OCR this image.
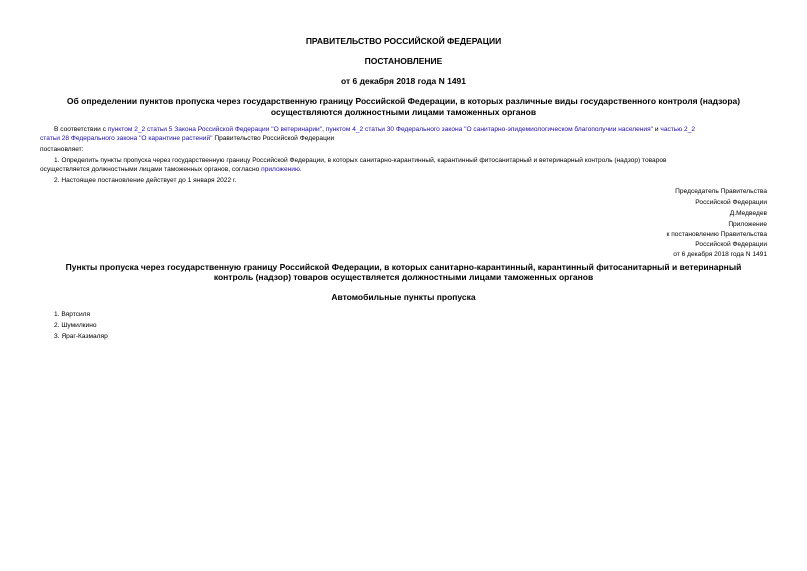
ПРАВИТЕЛЬСТВО РОССИЙСКОЙ ФЕДЕРАЦИИ
ПОСТАНОВЛЕНИЕ
от 6 декабря 2018 года N 1491
Об определении пунктов пропуска через государственную границу Российской Федерации, в которых различные виды государственного контроля (надзора)
осуществляются должностными лицами таможенных органов
В соответствии с пунктом 2_2 статьи 5 Закона Российской Федерации "О ветеринарии", пунктом 4_2 статьи 30 Федерального закона "О санитарно-эпидемиологическом благополучии населения" и частью 2_2
статьи 28 Федерального закона "О карантине растений" Правительство Российской Федерации
постановляет:
1. Определить пункты пропуска через государственную границу Российской Федерации, в которых санитарно-карантинный, карантинный фитосанитарный и ветеринарный контроль (надзор) товаров
осуществляется должностными лицами таможенных органов, согласно приложению.
2. Настоящее постановление действует до 1 января 2022 г.
Председатель Правительства
Российской Федерации
Д.Медведев
Приложение
к постановлению Правительства
Российской Федерации
от 6 декабря 2018 года N 1491
Пункты пропуска через государственную границу Российской Федерации, в которых санитарно-карантинный, карантинный фитосанитарный и ветеринарный
контроль (надзор) товаров осуществляется должностными лицами таможенных органов
Автомобильные пункты пропуска
1. Вяртсиля
2. Шумилкино
3. Яраг-Казмаляр
